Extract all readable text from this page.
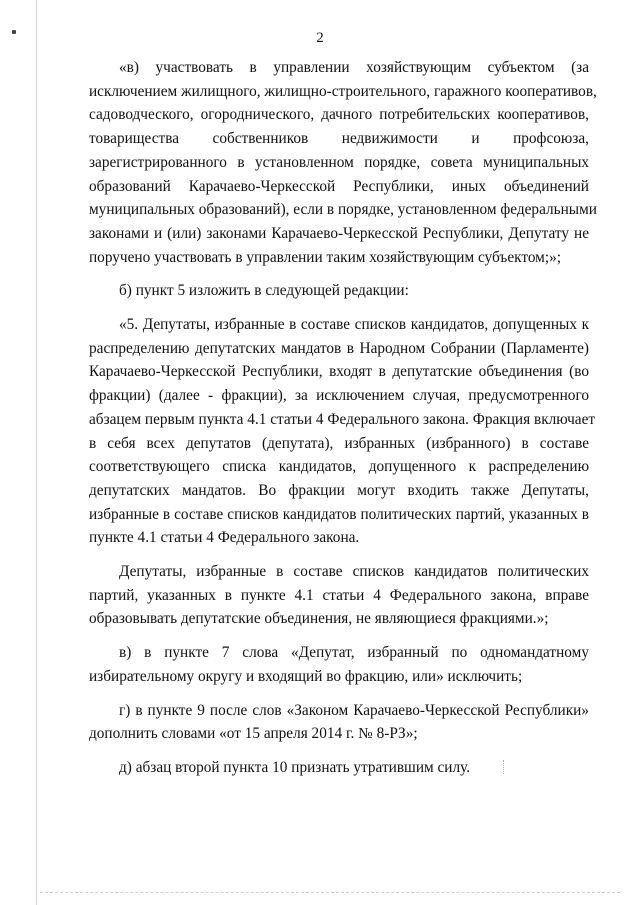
2
«в) участвовать в управлении хозяйствующим субъектом (за
исключением жилищного, жилищно-строительного, гаражного кооперативов,
садоводческого, огороднического, дачного потребительских кооперативов,
товарищества собственников недвижимости и профсоюза,
зарегистрированного в установленном порядке, совета муниципальных
образований Карачаево-Черкесской Республики, иных объединений
муниципальных образований), если в порядке, установленном федеральными
законами и (или) законами Карачаево-Черкесской Республики, Депутату не
поручено участвовать в управлении таким хозяйствующим субъектом;»;
б) пункт 5 изложить в следующей редакции:
«5. Депутаты, избранные в составе списков кандидатов, допущенных к
распределению депутатских мандатов в Народном Собрании (Парламенте)
Карачаево-Черкесской Республики, входят в депутатские объединения (во
фракции) (далее - фракции), за исключением случая, предусмотренного
абзацем первым пункта 4.1 статьи 4 Федерального закона. Фракция включает
в себя всех депутатов (депутата), избранных (избранного) в составе
соответствующего списка кандидатов, допущенного к распределению
депутатских мандатов. Во фракции могут входить также Депутаты,
избранные в составе списков кандидатов политических партий, указанных в
пункте 4.1 статьи 4 Федерального закона.
Депутаты, избранные в составе списков кандидатов политических
партий, указанных в пункте 4.1 статьи 4 Федерального закона, вправе
образовывать депутатские объединения, не являющиеся фракциями.»;
в) в пункте 7 слова «Депутат, избранный по одномандатному
избирательному округу и входящий во фракцию, или» исключить;
г) в пункте 9 после слов «Законом Карачаево-Черкесской Республики»
дополнить словами «от 15 апреля 2014 г. № 8-РЗ»;
д) абзац второй пункта 10 признать утратившим силу.
